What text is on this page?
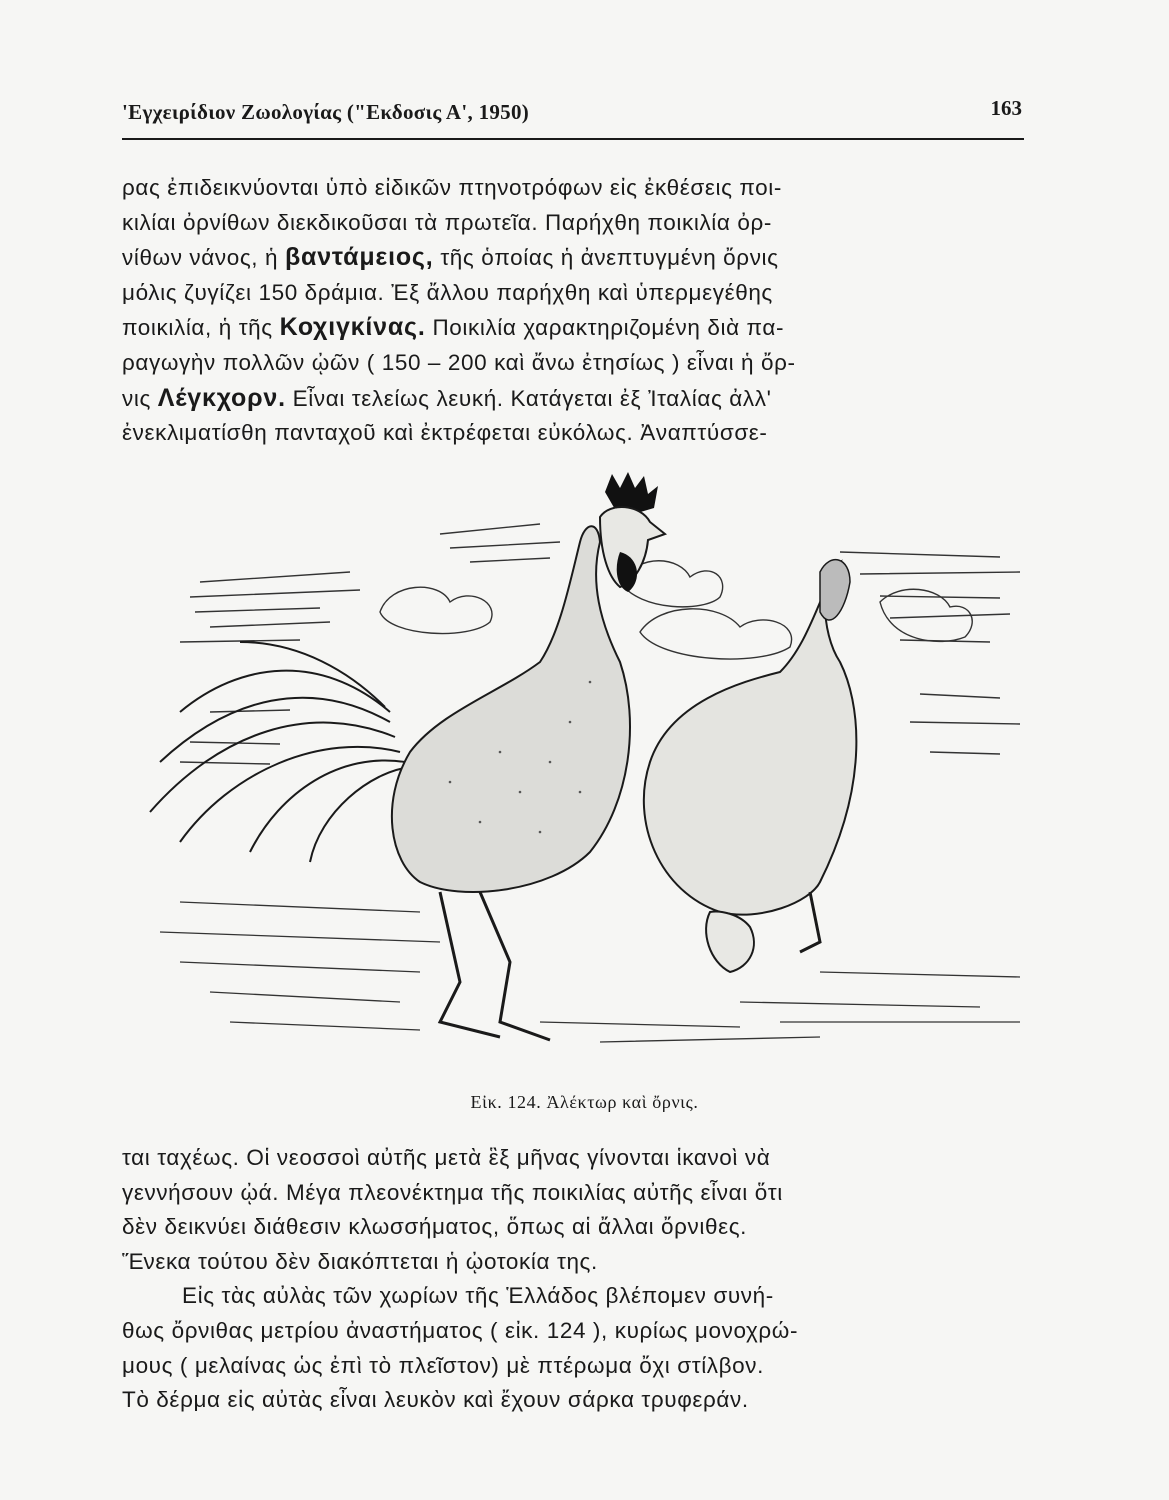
'Εγχειρίδιον Ζωολογίας ("Εκδοσις Α', 1950)	163

ρας ἐπιδεικνύονται ὑπὸ εἰδικῶν πτηνοτρόφων εἰς ἐκθέσεις ποι-
κιλίαι ὀρνίθων διεκδικοῦσαι τὰ πρωτεῖα. Παρήχθη ποικιλία ὀρ-
νίθων νάνος, ἡ βαντάμειος, τῆς ὁποίας ἡ ἀνεπτυγμένη ὄρνις
μόλις ζυγίζει 150 δράμια. Ἐξ ἄλλου παρήχθη καὶ ὑπερμεγέθης
ποικιλία, ἡ τῆς Κοχιγκίνας. Ποικιλία χαρακτηριζομένη διὰ πα-
ραγωγὴν πολλῶν ᾠῶν ( 150 – 200 καὶ ἄνω ἐτησίως ) εἶναι ἡ ὄρ-
νις Λέγκχορν. Εἶναι τελείως λευκή. Κατάγεται ἐξ Ἰταλίας ἀλλ'
ἐνεκλιματίσθη πανταχοῦ καὶ ἐκτρέφεται εὐκόλως. Ἀναπτύσσε-

Εἰκ. 124. Ἀλέκτωρ καὶ ὄρνις.

ται ταχέως. Οἱ νεοσσοὶ αὐτῆς μετὰ ἓξ μῆνας γίνονται ἱκανοὶ νὰ
γεννήσουν ᾠά. Μέγα πλεονέκτημα τῆς ποικιλίας αὐτῆς εἶναι ὅτι
δὲν δεικνύει διάθεσιν κλωσσήματος, ὅπως αἱ ἄλλαι ὄρνιθες.
Ἕνεκα τούτου δὲν διακόπτεται ἡ ᾠοτοκία της.
Εἰς τὰς αὐλὰς τῶν χωρίων τῆς Ἑλλάδος βλέπομεν συνή-
θως ὄρνιθας μετρίου ἀναστήματος ( εἰκ. 124 ), κυρίως μονοχρώ-
μους ( μελαίνας ὡς ἐπὶ τὸ πλεῖστον) μὲ πτέρωμα ὄχι στίλβον.
Τὸ δέρμα εἰς αὐτὰς εἶναι λευκὸν καὶ ἔχουν σάρκα τρυφεράν.
